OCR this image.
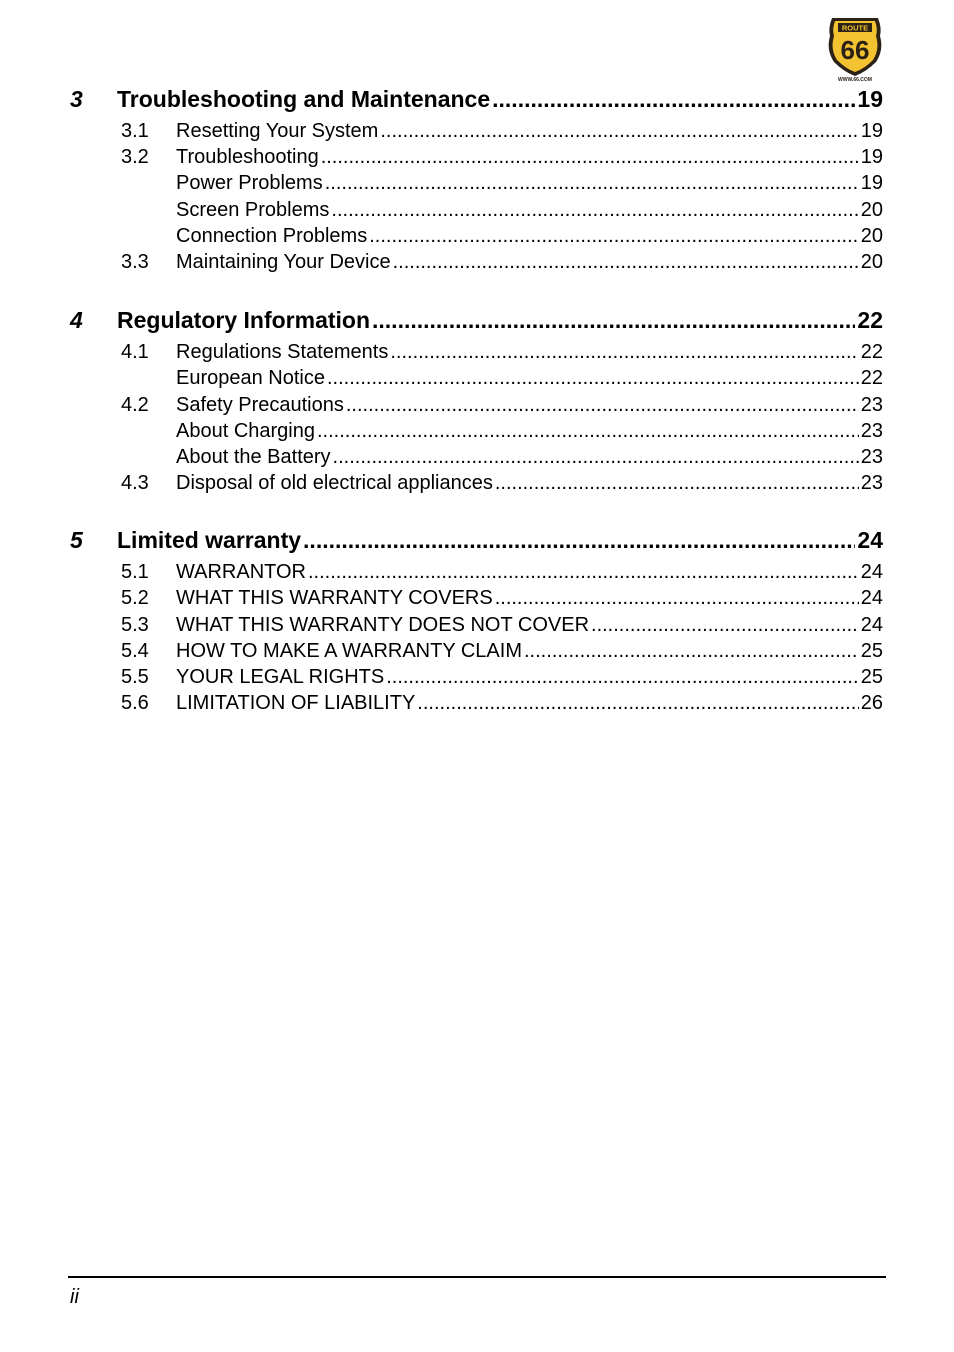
ROUTE
66
WWW.66.COM
3	Troubleshooting and Maintenance .....	19
3.1	Resetting Your System .....	19
3.2	Troubleshooting .....	19
Power Problems .....	19
Screen Problems .....	20
Connection Problems .....	20
3.3	Maintaining Your Device .....	20
4	Regulatory Information .....	22
4.1	Regulations Statements .....	22
European Notice .....	22
4.2	Safety Precautions .....	23
About Charging .....	23
About the Battery .....	23
4.3	Disposal of old electrical appliances .....	23
5	Limited warranty .....	24
5.1	WARRANTOR .....	24
5.2	WHAT THIS WARRANTY COVERS .....	24
5.3	WHAT THIS WARRANTY DOES NOT COVER .....	24
5.4	HOW TO MAKE A WARRANTY CLAIM .....	25
5.5	YOUR LEGAL RIGHTS .....	25
5.6	LIMITATION OF LIABILITY .....	26
ii
